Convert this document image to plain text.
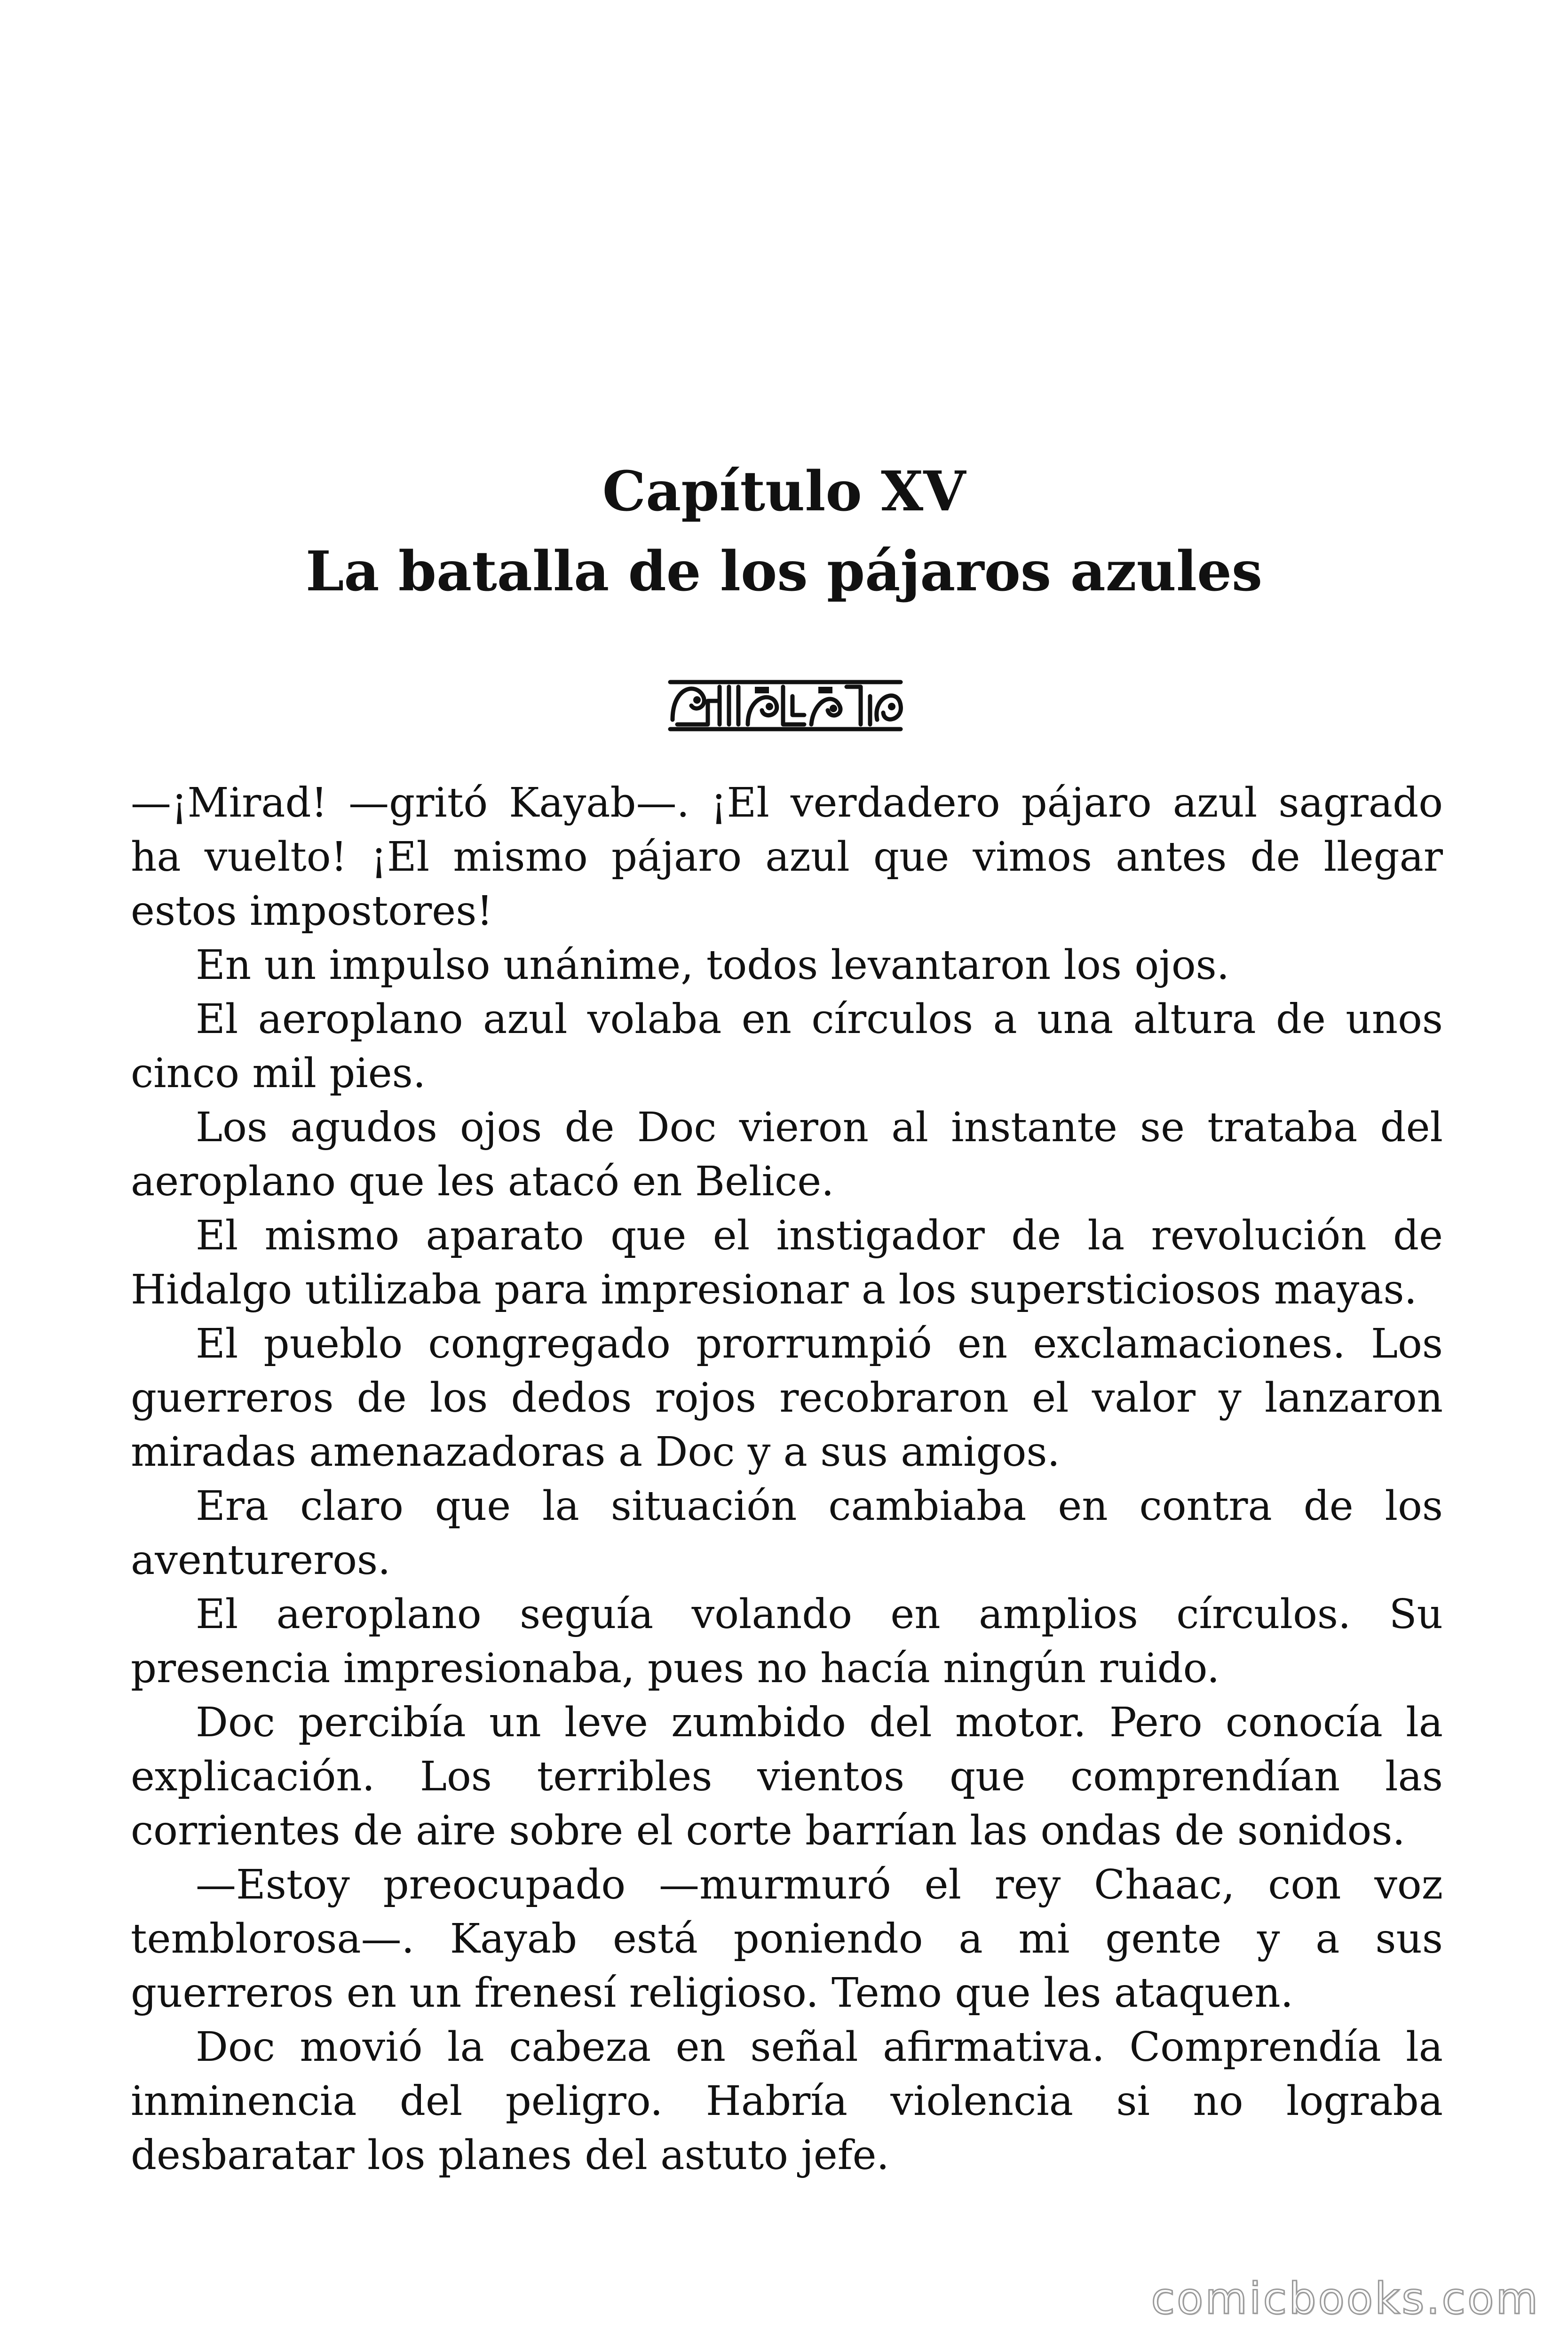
Capítulo XV
La batalla de los pájaros azules

—¡Mirad! —gritó Kayab—. ¡El verdadero pájaro azul sagrado ha vuelto! ¡El mismo pájaro azul que vimos antes de llegar estos impostores!

En un impulso unánime, todos levantaron los ojos.

El aeroplano azul volaba en círculos a una altura de unos cinco mil pies.

Los agudos ojos de Doc vieron al instante se trataba del aeroplano que les atacó en Belice.

El mismo aparato que el instigador de la revolución de Hidalgo utilizaba para impresionar a los supersticiosos mayas.

El pueblo congregado prorrumpió en exclamaciones. Los guerreros de los dedos rojos recobraron el valor y lanzaron miradas amenazadoras a Doc y a sus amigos.

Era claro que la situación cambiaba en contra de los aventureros.

El aeroplano seguía volando en amplios círculos. Su presencia impresionaba, pues no hacía ningún ruido.

Doc percibía un leve zumbido del motor. Pero conocía la explicación. Los terribles vientos que comprendían las corrientes de aire sobre el corte barrían las ondas de sonidos.

—Estoy preocupado —murmuró el rey Chaac, con voz temblorosa—. Kayab está poniendo a mi gente y a sus guerreros en un frenesí religioso. Temo que les ataquen.

Doc movió la cabeza en señal afirmativa. Comprendía la inminencia del peligro. Habría violencia si no lograba desbaratar los planes del astuto jefe.

comicbooks.com
